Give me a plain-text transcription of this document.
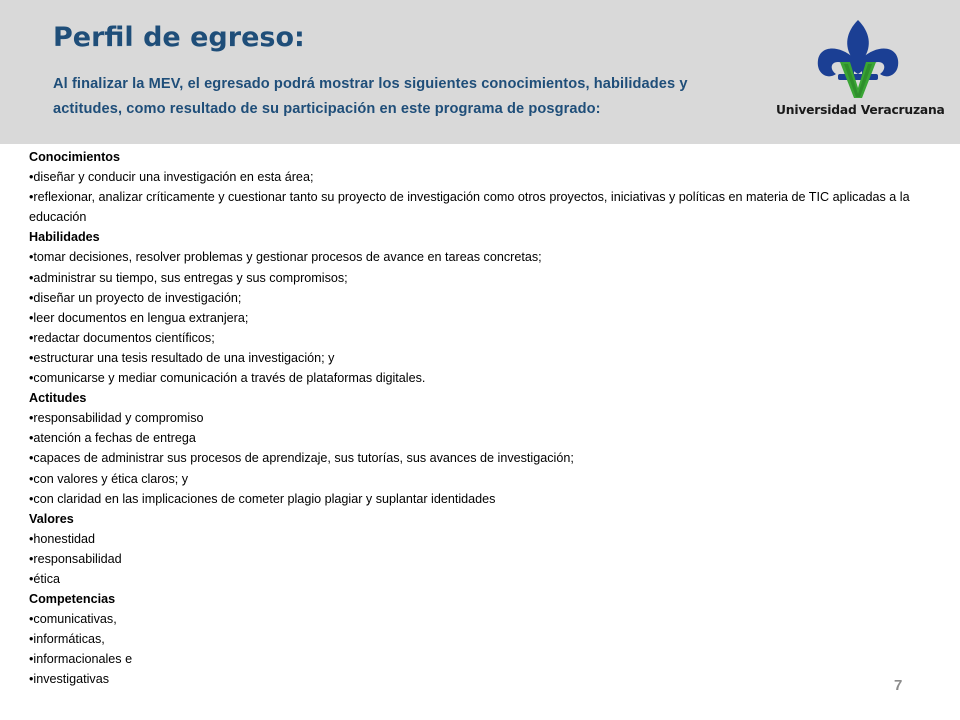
Perfil de egreso:
Al finalizar la MEV, el egresado podrá mostrar los siguientes conocimientos, habilidades y actitudes, como resultado de su participación en este programa de posgrado:	Universidad Veracruzana
Conocimientos
•diseñar y conducir una investigación en esta área;
•reflexionar, analizar críticamente y cuestionar tanto su proyecto de investigación como otros proyectos, iniciativas y políticas en materia de TIC aplicadas a la educación
Habilidades
•tomar decisiones, resolver problemas y gestionar procesos de avance en tareas concretas;
•administrar su tiempo, sus entregas y sus compromisos;
•diseñar un proyecto de investigación;
•leer documentos en lengua extranjera;
•redactar documentos científicos;
•estructurar una tesis resultado de una investigación; y
•comunicarse y mediar comunicación a través de plataformas digitales.
Actitudes
•responsabilidad y compromiso
•atención a fechas de entrega
•capaces de administrar sus procesos de aprendizaje, sus tutorías, sus avances de investigación;
•con valores y ética claros; y
•con claridad en las implicaciones de cometer plagio plagiar y suplantar identidades
Valores
•honestidad
•responsabilidad
•ética
Competencias
•comunicativas,
•informáticas,
•informacionales e
•investigativas	7
